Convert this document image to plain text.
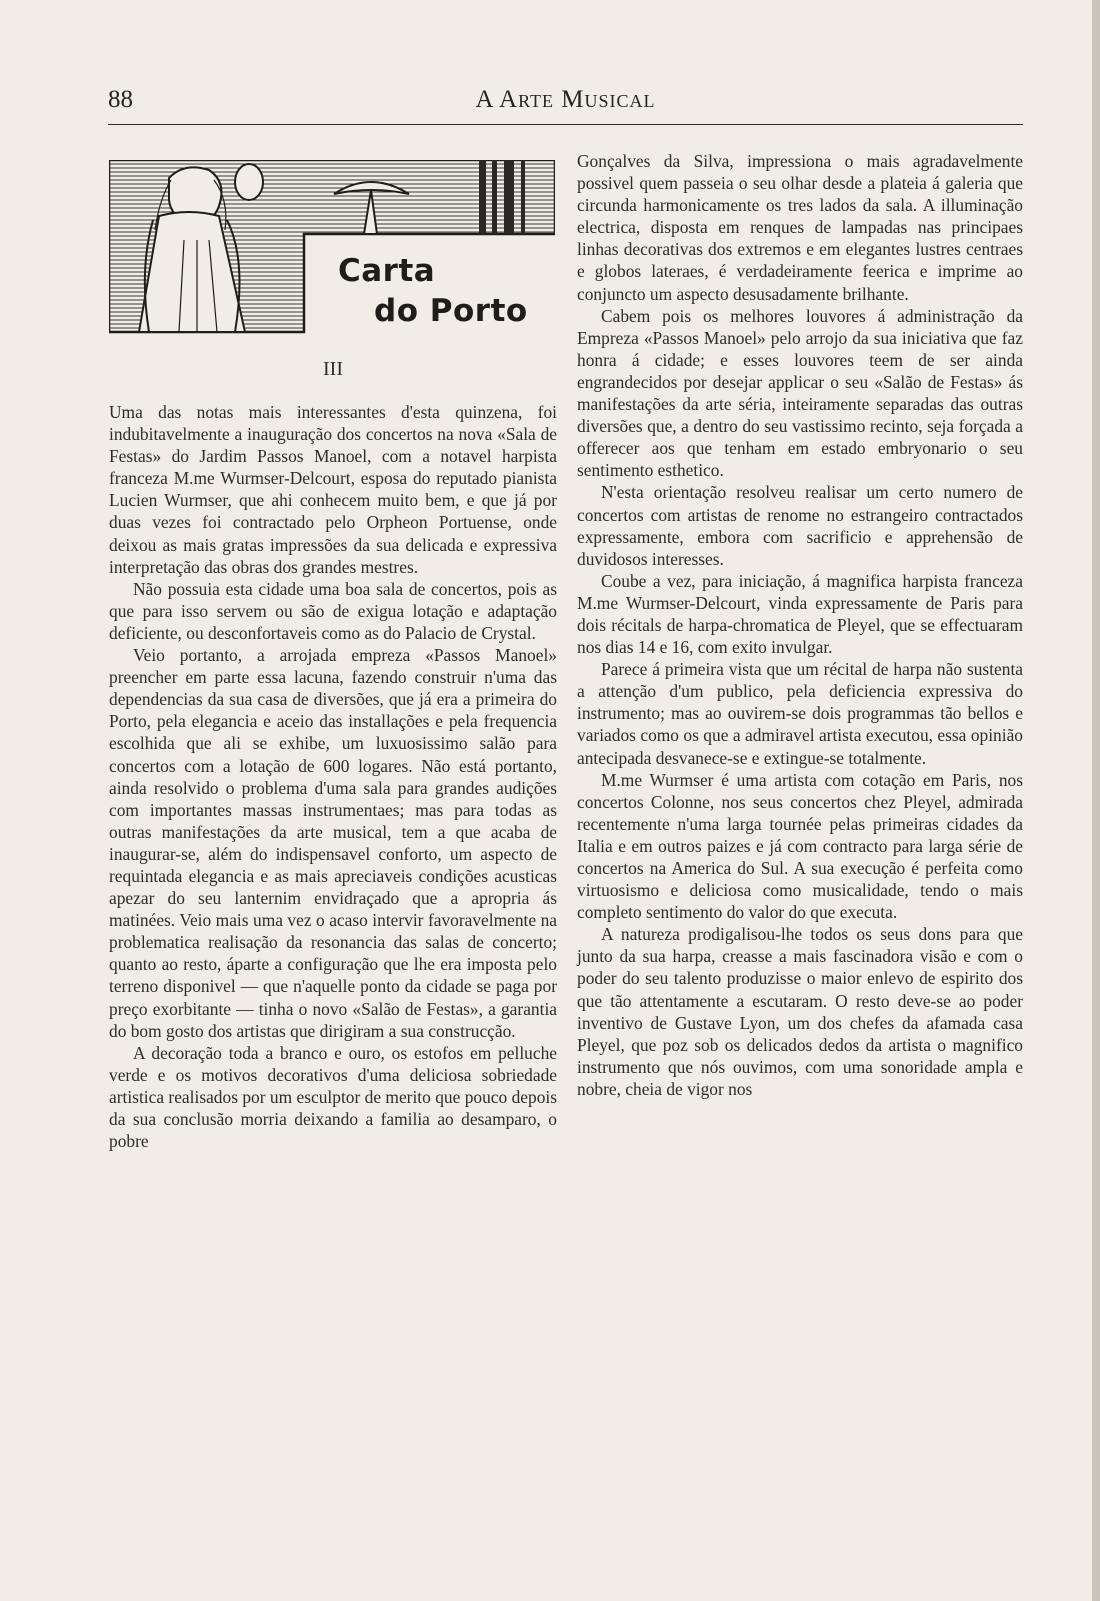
88	A Arte Musical
Carta
do Porto
III

Uma das notas mais interessantes d'esta quinzena, foi indubitavelmente a inauguração dos concertos na nova «Sala de Festas» do Jardim Passos Manoel, com a notavel harpista franceza M.me Wurmser-Delcourt, esposa do reputado pianista Lucien Wurmser, que ahi conhecem muito bem, e que já por duas vezes foi contractado pelo Orpheon Portuense, onde deixou as mais gratas impressões da sua delicada e expressiva interpretação das obras dos grandes mestres.

Não possuia esta cidade uma boa sala de concertos, pois as que para isso servem ou são de exigua lotação e adaptação deficiente, ou desconfortaveis como as do Palacio de Crystal.

Veio portanto, a arrojada empreza «Passos Manoel» preencher em parte essa lacuna, fazendo construir n'uma das dependencias da sua casa de diversões, que já era a primeira do Porto, pela elegancia e aceio das installações e pela frequencia escolhida que ali se exhibe, um luxuosissimo salão para concertos com a lotação de 600 logares. Não está portanto, ainda resolvido o problema d'uma sala para grandes audições com importantes massas instrumentaes; mas para todas as outras manifestações da arte musical, tem a que acaba de inaugurar-se, além do indispensavel conforto, um aspecto de requintada elegancia e as mais apreciaveis condições acusticas apezar do seu lanternim envidraçado que a apropria ás matinées. Veio mais uma vez o acaso intervir favoravelmente na problematica realisação da resonancia das salas de concerto; quanto ao resto, áparte a configuração que lhe era imposta pelo terreno disponivel — que n'aquelle ponto da cidade se paga por preço exorbitante — tinha o novo «Salão de Festas», a garantia do bom gosto dos artistas que dirigiram a sua construcção.

A decoração toda a branco e ouro, os estofos em pelluche verde e os motivos decorativos d'uma deliciosa sobriedade artistica realisados por um esculptor de merito que pouco depois da sua conclusão morria deixando a familia ao desamparo, o pobre

Gonçalves da Silva, impressiona o mais agradavelmente possivel quem passeia o seu olhar desde a plateia á galeria que circunda harmonicamente os tres lados da sala. A illuminação electrica, disposta em renques de lampadas nas principaes linhas decorativas dos extremos e em elegantes lustres centraes e globos lateraes, é verdadeiramente feerica e imprime ao conjuncto um aspecto desusadamente brilhante.

Cabem pois os melhores louvores á administração da Empreza «Passos Manoel» pelo arrojo da sua iniciativa que faz honra á cidade; e esses louvores teem de ser ainda engrandecidos por desejar applicar o seu «Salão de Festas» ás manifestações da arte séria, inteiramente separadas das outras diversões que, a dentro do seu vastissimo recinto, seja forçada a offerecer aos que tenham em estado embryonario o seu sentimento esthetico.

N'esta orientação resolveu realisar um certo numero de concertos com artistas de renome no estrangeiro contractados expressamente, embora com sacrificio e apprehensão de duvidosos interesses.

Coube a vez, para iniciação, á magnifica harpista franceza M.me Wurmser-Delcourt, vinda expressamente de Paris para dois récitals de harpa-chromatica de Pleyel, que se effectuaram nos dias 14 e 16, com exito invulgar.

Parece á primeira vista que um récital de harpa não sustenta a attenção d'um publico, pela deficiencia expressiva do instrumento; mas ao ouvirem-se dois programmas tão bellos e variados como os que a admiravel artista executou, essa opinião antecipada desvanece-se e extingue-se totalmente.

M.me Wurmser é uma artista com cotação em Paris, nos concertos Colonne, nos seus concertos chez Pleyel, admirada recentemente n'uma larga tournée pelas primeiras cidades da Italia e em outros paizes e já com contracto para larga série de concertos na America do Sul. A sua execução é perfeita como virtuosismo e deliciosa como musicalidade, tendo o mais completo sentimento do valor do que executa.

A natureza prodigalisou-lhe todos os seus dons para que junto da sua harpa, creasse a mais fascinadora visão e com o poder do seu talento produzisse o maior enlevo de espirito dos que tão attentamente a escutaram. O resto deve-se ao poder inventivo de Gustave Lyon, um dos chefes da afamada casa Pleyel, que poz sob os delicados dedos da artista o magnifico instrumento que nós ouvimos, com uma sonoridade ampla e nobre, cheia de vigor nos
